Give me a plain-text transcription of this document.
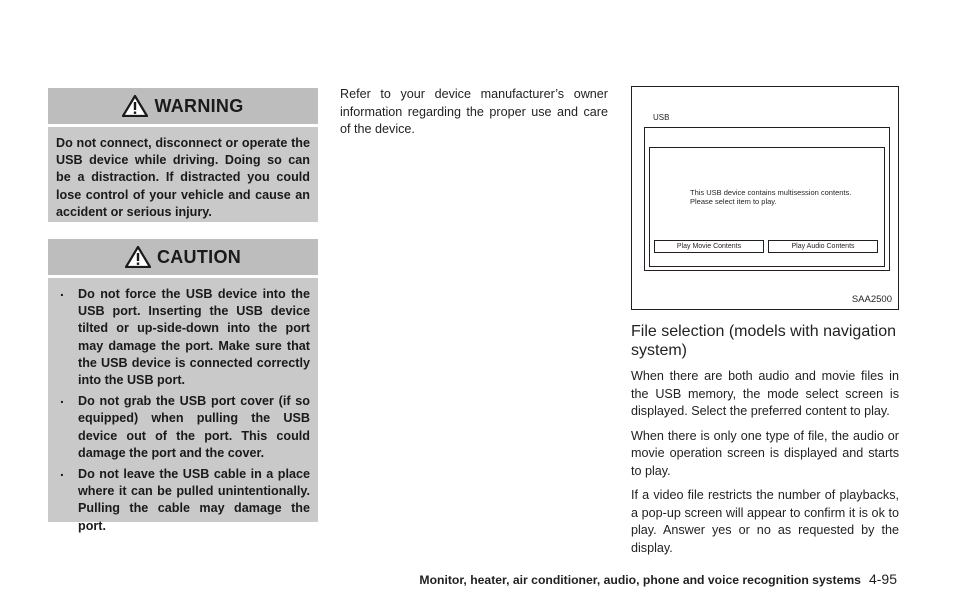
WARNING
Do not connect, disconnect or operate the USB device while driving. Doing so can be a distraction. If distracted you could lose control of your vehicle and cause an accident or serious injury.
CAUTION
. Do not force the USB device into the USB port. Inserting the USB device tilted or up-side-down into the port may damage the port. Make sure that the USB device is connected correctly into the USB port.
. Do not grab the USB port cover (if so equipped) when pulling the USB device out of the port. This could damage the port and the cover.
. Do not leave the USB cable in a place where it can be pulled unintentionally. Pulling the cable may damage the port.
Refer to your device manufacturer’s owner information regarding the proper use and care of the device.
USB
This USB device contains multisession contents.
Please select item to play.
Play Movie Contents	Play Audio Contents
SAA2500
File selection (models with navigation system)

When there are both audio and movie files in the USB memory, the mode select screen is displayed. Select the preferred content to play.

When there is only one type of file, the audio or movie operation screen is displayed and starts to play.

If a video file restricts the number of playbacks, a pop-up screen will appear to confirm it is ok to play. Answer yes or no as requested by the display.

Monitor, heater, air conditioner, audio, phone and voice recognition systems 4-95
